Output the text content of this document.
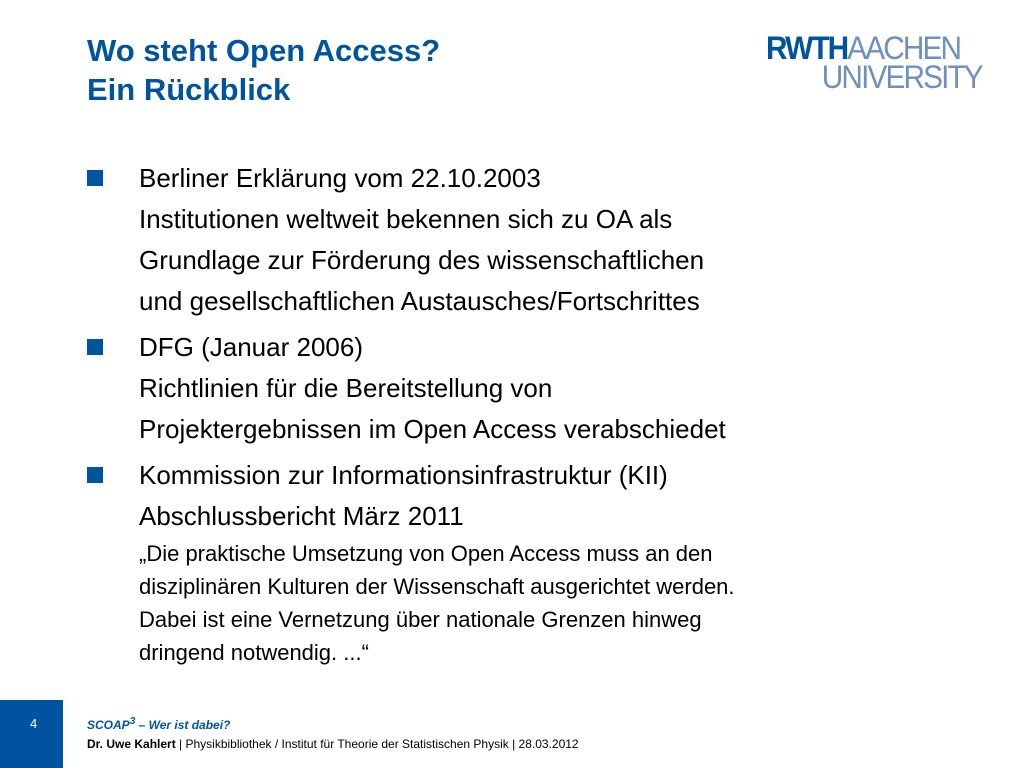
Wo steht Open Access?
Ein Rückblick
RWTHAACHEN
UNIVERSITY
Berliner Erklärung vom 22.10.2003
Institutionen weltweit bekennen sich zu OA als
Grundlage zur Förderung des wissenschaftlichen
und gesellschaftlichen Austausches/Fortschrittes
DFG (Januar 2006)
Richtlinien für die Bereitstellung von
Projektergebnissen im Open Access verabschiedet
Kommission zur Informationsinfrastruktur (KII)
Abschlussbericht März 2011
„Die praktische Umsetzung von Open Access muss an den
disziplinären Kulturen der Wissenschaft ausgerichtet werden.
Dabei ist eine Vernetzung über nationale Grenzen hinweg
dringend notwendig. ...“
4	SCOAP$^3$ – Wer ist dabei?
Dr. Uwe Kahlert | Physikbibliothek / Institut für Theorie der Statistischen Physik | 28.03.2012
